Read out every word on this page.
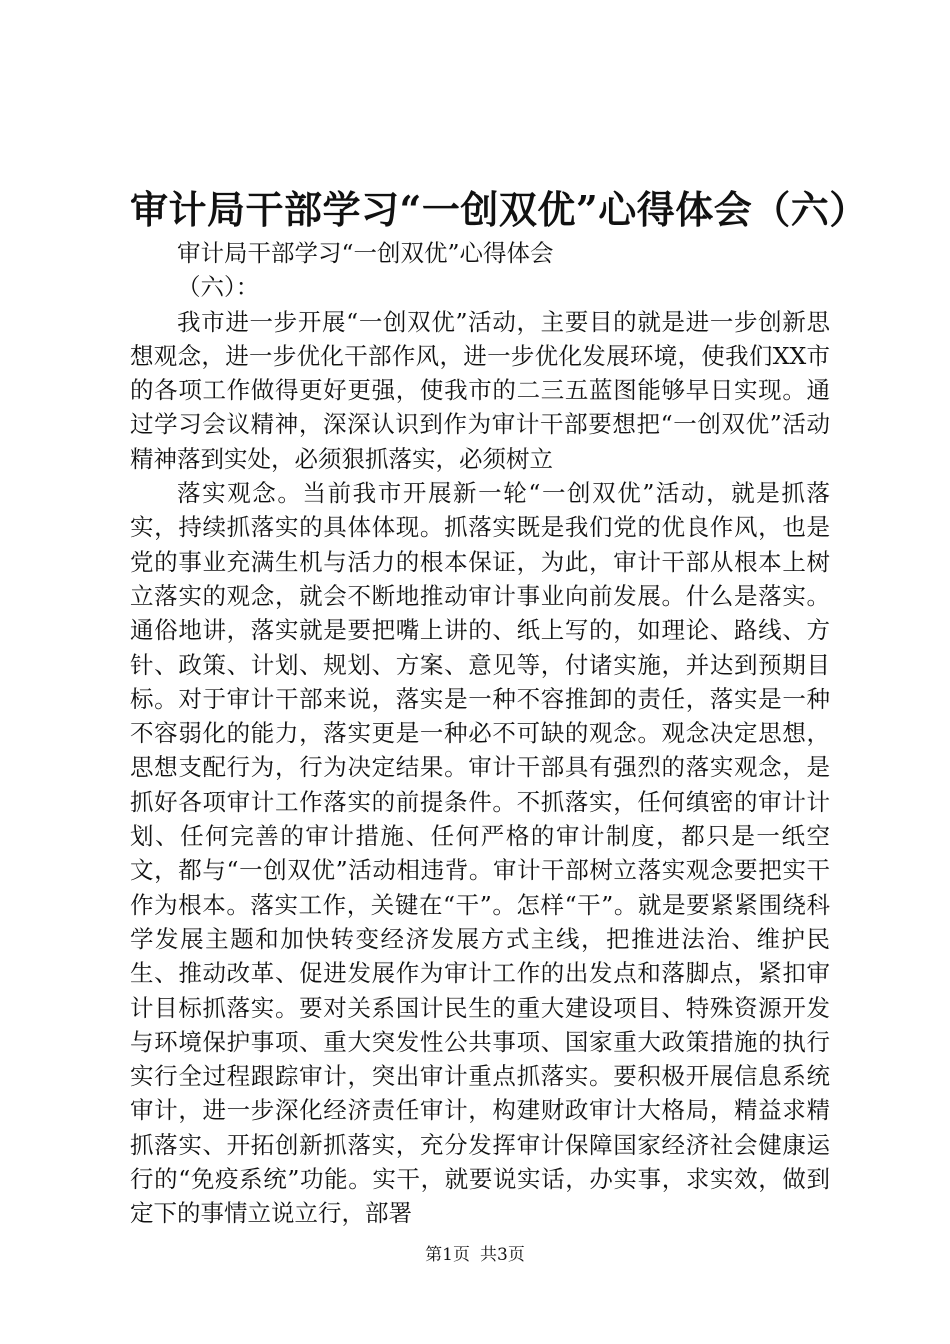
审计局干部学习“一创双优”心得体会（六）

审计局干部学习“一创双优”心得体会

（六）：

我市进一步开展“一创双优”活动，主要目的就是进一步创新思想观念，进一步优化干部作风，进一步优化发展环境，使我们XX市的各项工作做得更好更强，使我市的二三五蓝图能够早日实现。通过学习会议精神，深深认识到作为审计干部要想把“一创双优”活动精神落到实处，必须狠抓落实，必须树立

落实观念。当前我市开展新一轮“一创双优”活动，就是抓落实，持续抓落实的具体体现。抓落实既是我们党的优良作风，也是党的事业充满生机与活力的根本保证，为此，审计干部从根本上树立落实的观念，就会不断地推动审计事业向前发展。什么是落实。通俗地讲，落实就是要把嘴上讲的、纸上写的，如理论、路线、方针、政策、计划、规划、方案、意见等，付诸实施，并达到预期目标。对于审计干部来说，落实是一种不容推卸的责任，落实是一种不容弱化的能力，落实更是一种必不可缺的观念。观念决定思想，思想支配行为，行为决定结果。审计干部具有强烈的落实观念，是抓好各项审计工作落实的前提条件。不抓落实，任何缜密的审计计划、任何完善的审计措施、任何严格的审计制度，都只是一纸空文，都与“一创双优”活动相违背。审计干部树立落实观念要把实干作为根本。落实工作，关键在“干”。怎样“干”。就是要紧紧围绕科学发展主题和加快转变经济发展方式主线，把推进法治、维护民生、推动改革、促进发展作为审计工作的出发点和落脚点，紧扣审计目标抓落实。要对关系国计民生的重大建设项目、特殊资源开发与环境保护事项、重大突发性公共事项、国家重大政策措施的执行实行全过程跟踪审计，突出审计重点抓落实。要积极开展信息系统审计，进一步深化经济责任审计，构建财政审计大格局，精益求精抓落实、开拓创新抓落实，充分发挥审计保障国家经济社会健康运行的“免疫系统”功能。实干，就要说实话，办实事，求实效，做到定下的事情立说立行，部署

第1页 共3页
